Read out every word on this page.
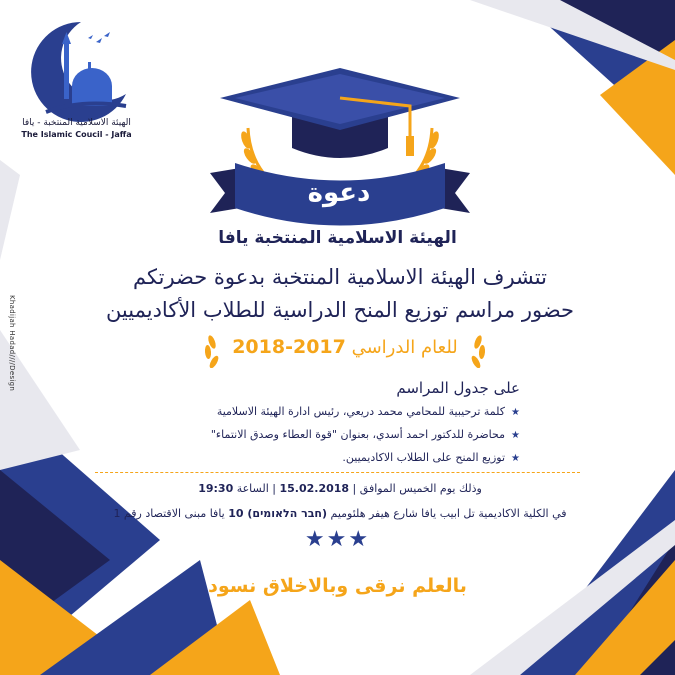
الهيئة الاسلامية المنتخبة - يافا
The Islamic Coucil - Jaffa
Khadijah Hadad////Design
دعوة
الهيئة الاسلامية المنتخبة يافا
تتشرف الهيئة الاسلامية المنتخبة بدعوة حضرتكم
حضور مراسم توزيع المنح الدراسية للطلاب الأكاديميين
للعام الدراسي 2017-2018
على جدول المراسم
★كلمة ترحيبية للمحامي محمد دريعي، رئيس ادارة الهيئة الاسلامية
★محاضرة للدكتور احمد أسدي، بعنوان "قوة العطاء وصدق الانتماء"
★توزيع المنح على الطلاب الاكاديميين.
وذلك يوم الخميس الموافق | 15.02.2018 | الساعة 19:30
في الكلية الاكاديمية تل ابيب يافا شارع هيفر هلئوميم (חבר הלאומים) 10 يافا مبنى الاقتصاد رقم 1
★★★
بالعلم نرقى وبالاخلاق نسود
